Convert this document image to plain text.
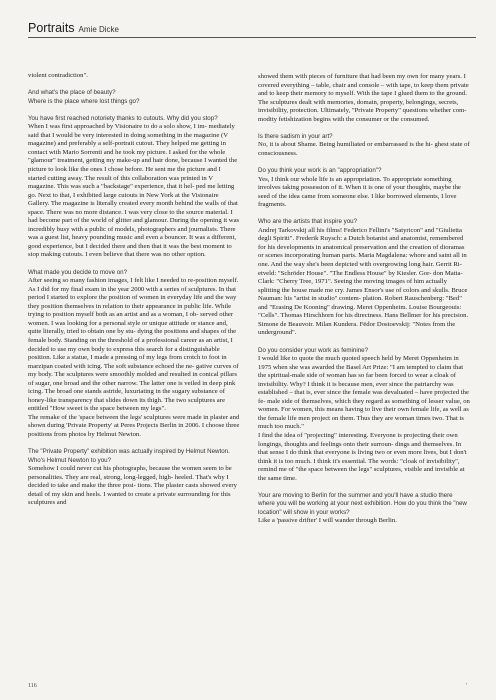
Portraits Amie Dicke

violent contradiction".

And what's the place of beauty?

Where is the place where lost things go?

You have first reached notoriety thanks to cutouts. Why did you stop?

When I was first approached by Visionaire to do a solo show, I im- mediately said that I would be very interested in doing something in the magazine (V magazine) and preferably a self-portrait cutout. They helped me getting in contact with Mario Sorrenti and he took my picture. I asked for the whole "glamour" treatment, getting my make-up and hair done, because I wanted the picture to look like the ones I chose before. He sent me the picture and I started cutting away. The result of this collaboration was printed in V magazine. This was such a "backstage" experience, that it hel- ped me letting go. Next to that, I exhibited large cutouts in New York at the Visionaire Gallery. The magazine is literally created every month behind the walls of that space. There was no more distance. I was very close to the source material. I had become part of the world of glitter and glamour. During the opening it was incredibly busy with a public of models, photographers and journalists. There was a guest list, heavy pounding music and even a bouncer. It was a different, good experience, but I decided there and then that it was the best moment to stop making cutouts. I even believe that there was no other option.

What made you decide to move on?

After seeing so many fashion images, I felt like I needed to re-position myself. As I did for my final exam in the year 2000 with a series of sculptures. In that period I started to explore the position of women in everyday life and the way they position themselves in relation to their appearance in public life. While trying to position myself both as an artist and as a woman, I ob- served other women. I was looking for a personal style or unique attitude or stance and, quite literally, tried to obtain one by stu- dying the positions and shapes of the female body. Standing on the threshold of a professional career as an artist, I decided to use my own body to express this search for a distinguishable position. Like a statue, I made a pressing of my legs from crotch to foot in marzipan coated with icing. The soft substance echoed the ne- gative curves of my body. The sculptures were smoothly molded and resulted in conical pillars of sugar, one broad and the other narrow. The latter one is veiled in deep pink icing. The broad one stands astride, luxuriating in the sugary substance of honey-like transparency that slides down its thigh. The two sculptures are entitled "How sweet is the space between my legs".

The remake of the 'space between the legs' sculptures were made in plaster and shown during 'Private Property' at Peres Projects Berlin in 2006. I choose three positions from photos by Helmut Newton.

The "Private Property" exhibition was actually inspired by Helmut Newton. Who's Helmut Newton to you?

Somehow I could never cut his photographs, because the women seem to be personalities. They are real, strong, long-legged, high- heeled. That's why I decided to take and make the three posi- tions. The plaster casts showed every detail of my skin and heels. I wanted to create a private surrounding for this sculptures and

showed them with pieces of furniture that had been my own for many years. I covered everything – table, chair and console – with tape, to keep them private and to keep their memory to myself. With the tape I glued them to the ground. The sculptures dealt with memories, domain, property, belongings, secrets, invisibility, protection. Ultimately, "Private Property" questions whether com- modity fetishization begins with the consumer or the consumed.

Is there sadism in your art?

No, it is about Shame. Being humiliated or embarrassed is the hi- ghest state of consciousness.

Do you think your work is an "appropriation"?

Yes, I think our whole life is an appropriation. To appropriate something involves taking possession of it. When it is one of your thoughts, maybe the seed of the idea came from someone else. I like borrowed elements, I love fragments.

Who are the artists that inspire you?

Andrej Tarkovskij all his films! Federico Fellini's "Satyricon" and "Giulietta degli Spiriti". Frederik Ruysch: a Dutch botanist and anatomist, remembered for his developments in anatomical preservation and the creation of dioramas or scenes incorporating human parts. Maria Magdalena: whore and saint all in one. And the way she's been depicted with overgrowing long hair. Gerrit Ri- etveld: "Schröder House". "The Endless House" by Kiesler. Gor- don Matta-Clark: "Cherry Tree, 1971". Seeing the moving images of him actually splitting the house made me cry. James Ensor's use of colors and skulls. Bruce Nauman: his "artist in studio" contem- plation. Robert Rauschenberg: "Bed" and "Erasing De Kooning" drawing. Meret Oppenheim. Louise Bourgeouis: "Cells". Thomas Hirschhorn for his directness. Hans Bellmer for his precision. Simone de Beauvoir. Milan Kundera. Fëdor Dostoevskij: "Notes from the underground".

Do you consider your work as feminine?

I would like to quote the much quoted speech held by Meret Oppenheim in 1975 when she was awarded the Basel Art Prize: "I am tempted to claim that the spiritual-male side of woman has so far been forced to wear a cloak of invisibility. Why? I think it is because men, ever since the patriarchy was established – that is, ever since the female was devaluated – have projected the fe- male side of themselves, which they regard as something of lesser value, on women. For women, this means having to live their own female life, as well as the female life men project on them. Thus they are woman times two. That is much too much."

I find the idea of "projecting" interesting. Everyone is projecting their own longings, thoughts and feelings onto their surroun- dings and themselves. In that sense I do think that everyone is living two or even more lives, but I don't think it is too much. I think it's essential. The words: "cloak of invisibility", remind me of "the space between the legs" sculptures, visible and invisible at the same time.

Your are moving to Berlin for the summer and you'll have a studio there where you will be working at your next exhibition. How do you think the "new location" will show in your works?

Like a 'passive drifter' I will wander through Berlin.

116	'
